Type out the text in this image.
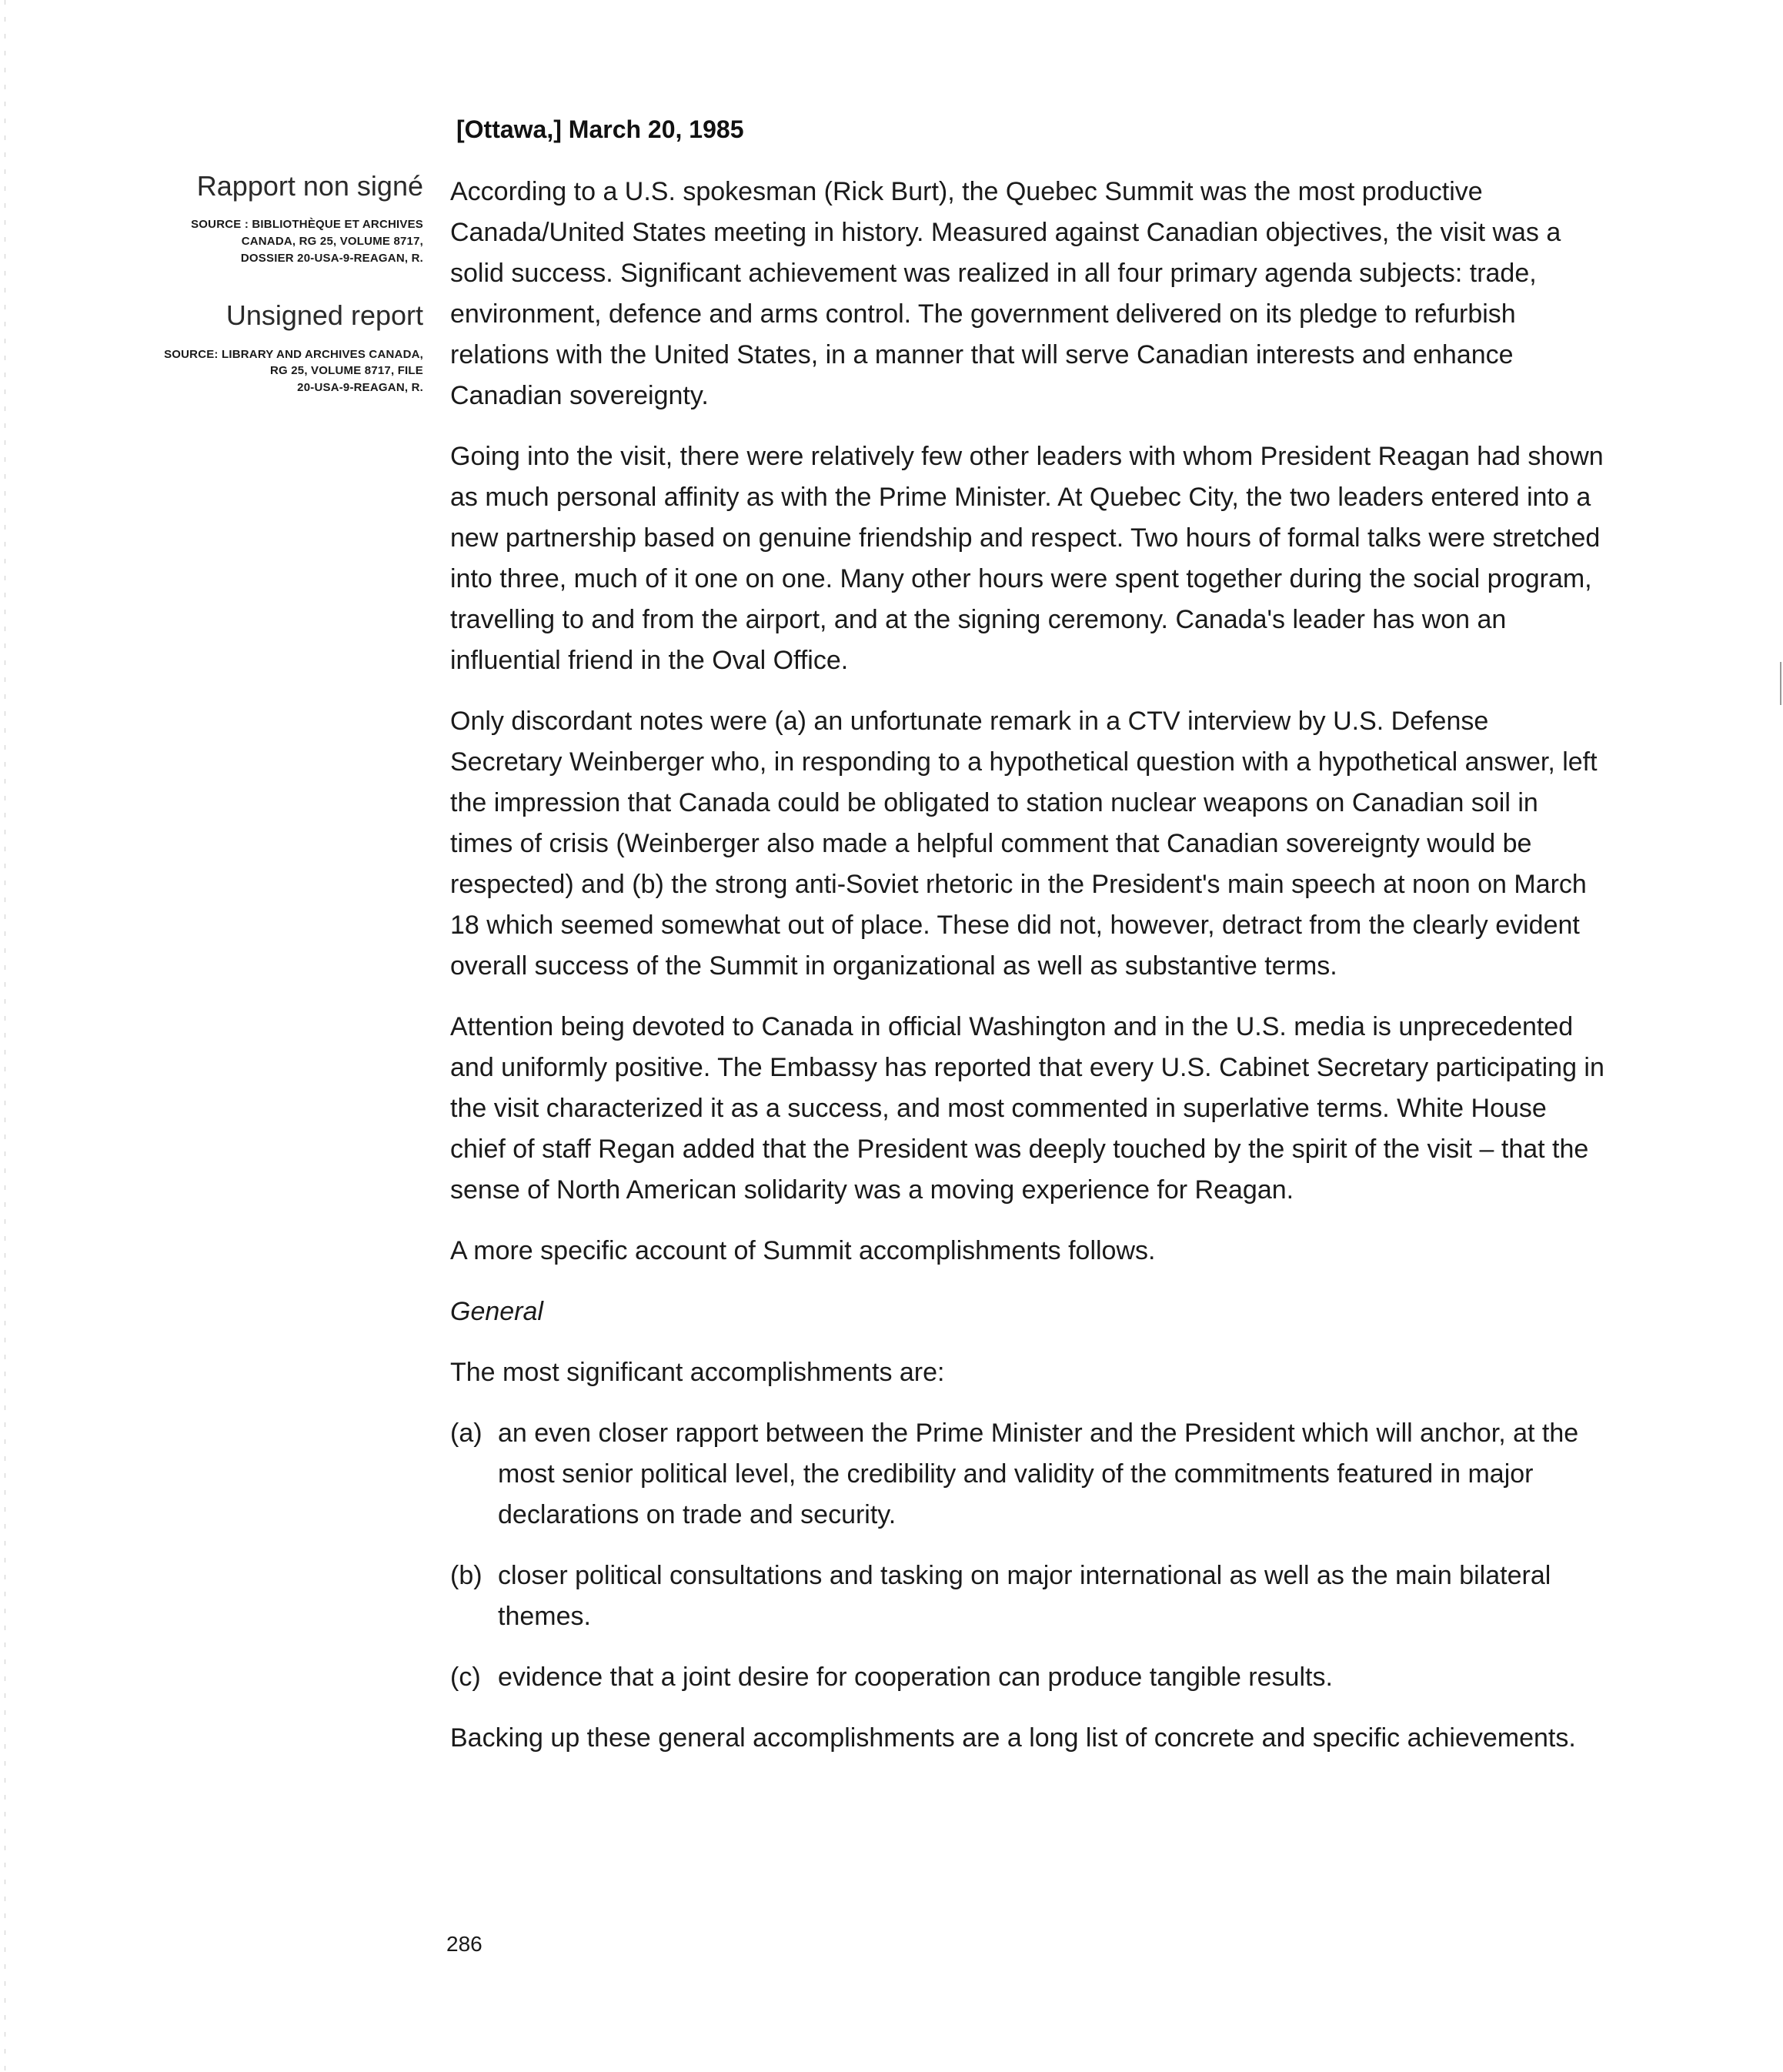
Rapport non signé

SOURCE : BIBLIOTHÈQUE ET ARCHIVES
CANADA, RG 25, VOLUME 8717,
DOSSIER 20-USA-9-REAGAN, R.

Unsigned report

SOURCE: LIBRARY AND ARCHIVES CANADA,
RG 25, VOLUME 8717, FILE
20-USA-9-REAGAN, R.

[Ottawa,] March 20, 1985

According to a U.S. spokesman (Rick Burt), the Quebec Summit was the most productive Canada/United States meeting in history. Measured against Canadian objectives, the visit was a solid success. Significant achievement was realized in all four primary agenda subjects: trade, environment, defence and arms control. The government delivered on its pledge to refurbish relations with the United States, in a manner that will serve Canadian interests and enhance Canadian sovereignty.

Going into the visit, there were relatively few other leaders with whom President Reagan had shown as much personal affinity as with the Prime Minister. At Quebec City, the two leaders entered into a new partnership based on genuine friendship and respect. Two hours of formal talks were stretched into three, much of it one on one. Many other hours were spent together during the social program, travelling to and from the airport, and at the signing ceremony. Canada's leader has won an influential friend in the Oval Office.

Only discordant notes were (a) an unfortunate remark in a CTV interview by U.S. Defense Secretary Weinberger who, in responding to a hypothetical question with a hypothetical answer, left the impression that Canada could be obligated to station nuclear weapons on Canadian soil in times of crisis (Weinberger also made a helpful comment that Canadian sovereignty would be respected) and (b) the strong anti-Soviet rhetoric in the President's main speech at noon on March 18 which seemed somewhat out of place. These did not, however, detract from the clearly evident overall success of the Summit in organizational as well as substantive terms.

Attention being devoted to Canada in official Washington and in the U.S. media is unprecedented and uniformly positive. The Embassy has reported that every U.S. Cabinet Secretary participating in the visit characterized it as a success, and most commented in superlative terms. White House chief of staff Regan added that the President was deeply touched by the spirit of the visit – that the sense of North American solidarity was a moving experience for Reagan.

A more specific account of Summit accomplishments follows.

General

The most significant accomplishments are:

(a) an even closer rapport between the Prime Minister and the President which will anchor, at the most senior political level, the credibility and validity of the commitments featured in major declarations on trade and security.
(b) closer political consultations and tasking on major international as well as the main bilateral themes.
(c) evidence that a joint desire for cooperation can produce tangible results.

Backing up these general accomplishments are a long list of concrete and specific achievements.

286
